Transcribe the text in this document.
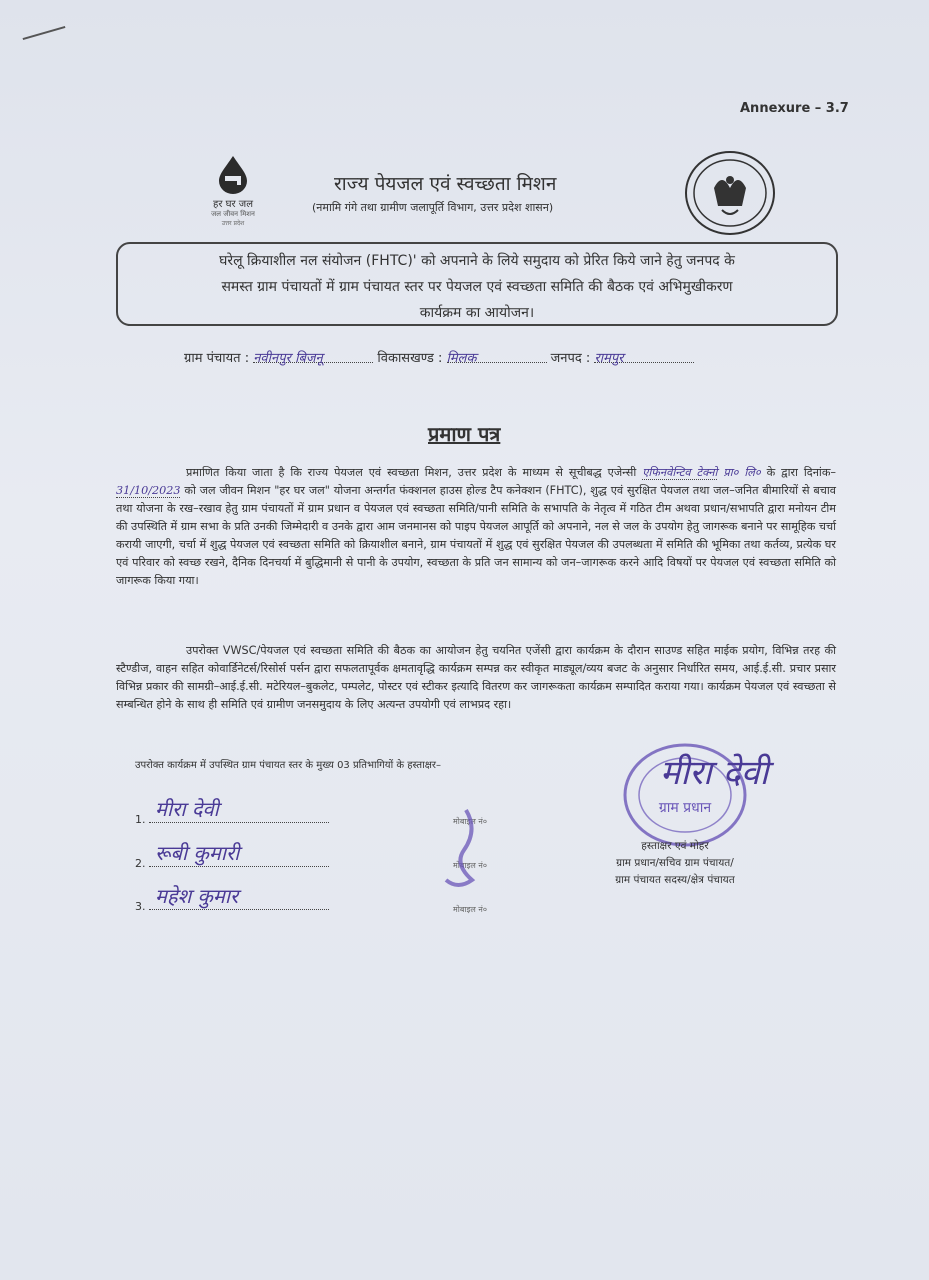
Annexure – 3.7
हर घर जल
जल जीवन मिशन
उत्तर प्रदेश
राज्य पेयजल एवं स्वच्छता मिशन
(नमामि गंगे तथा ग्रामीण जलापूर्ति विभाग, उत्तर प्रदेश शासन)
घरेलू क्रियाशील नल संयोजन (FHTC)' को अपनाने के लिये समुदाय को प्रेरित किये जाने हेतु जनपद के
समस्त ग्राम पंचायतों में ग्राम पंचायत स्तर पर पेयजल एवं स्वच्छता समिति की बैठक एवं अभिमुखीकरण
कार्यक्रम का आयोजन।
ग्राम पंचायत : नवीनपुर बिजनू	विकासखण्ड : मिलक	जनपद : रामपुर
प्रमाण पत्र
प्रमाणित किया जाता है कि राज्य पेयजल एवं स्वच्छता मिशन, उत्तर प्रदेश के माध्यम से सूचीबद्ध एजेन्सी एफिनवेन्टिव टेक्नो प्रा० लि० के द्वारा दिनांक–31/10/2023 को जल जीवन मिशन "हर घर जल" योजना अन्तर्गत फंक्शनल हाउस होल्ड टैप कनेक्शन (FHTC), शुद्ध एवं सुरक्षित पेयजल तथा जल–जनित बीमारियों से बचाव तथा योजना के रख–रखाव हेतु ग्राम पंचायतों में ग्राम प्रधान व पेयजल एवं स्वच्छता समिति/पानी समिति के सभापति के नेतृत्व में गठित टीम अथवा प्रधान/सभापति द्वारा मनोयन टीम की उपस्थिति में ग्राम सभा के प्रति उनकी जिम्मेदारी व उनके द्वारा आम जनमानस को पाइप पेयजल आपूर्ति को अपनाने, नल से जल के उपयोग हेतु जागरूक बनाने पर सामूहिक चर्चा करायी जाएगी, चर्चा में शुद्ध पेयजल एवं स्वच्छता समिति को क्रियाशील बनाने, ग्राम पंचायतों में शुद्ध एवं सुरक्षित पेयजल की उपलब्धता में समिति की भूमिका तथा कर्तव्य, प्रत्येक घर एवं परिवार को स्वच्छ रखने, दैनिक दिनचर्या में बुद्धिमानी से पानी के उपयोग, स्वच्छता के प्रति जन सामान्य को जन–जागरूक करने आदि विषयों पर पेयजल एवं स्वच्छता समिति को जागरूक किया गया।
उपरोक्त VWSC/पेयजल एवं स्वच्छता समिति की बैठक का आयोजन हेतु चयनित एजेंसी द्वारा कार्यक्रम के दौरान साउण्ड सहित माईक प्रयोग, विभिन्न तरह की स्टैण्डीज, वाहन सहित कोवार्डिनेटर्स/रिसोर्स पर्सन द्वारा सफलतापूर्वक क्षमतावृद्धि कार्यक्रम सम्पन्न कर स्वीकृत माड्यूल/व्यय बजट के अनुसार निर्धारित समय, आई.ई.सी. प्रचार प्रसार विभिन्न प्रकार की सामग्री–आई.ई.सी. मटेरियल–बुकलेट, पम्पलेट, पोस्टर एवं स्टीकर इत्यादि वितरण कर जागरूकता कार्यक्रम सम्पादित कराया गया। कार्यक्रम पेयजल एवं स्वच्छता से सम्बन्धित होने के साथ ही समिति एवं ग्रामीण जनसमुदाय के लिए अत्यन्त उपयोगी एवं लाभप्रद रहा।
उपरोक्त कार्यक्रम में उपस्थित ग्राम पंचायत स्तर के मुख्य 03 प्रतिभागियों के हस्ताक्षर–
1. मीरा देवी
2. रूबी कुमारी
3. महेश कुमार
मोबाइल नं०
मोबाइल नं०
मोबाइल नं०
ग्राम प्रधान
मीरा देवी
हस्ताक्षर एवं मोहर
ग्राम प्रधान/सचिव ग्राम पंचायत/
ग्राम पंचायत सदस्य/क्षेत्र पंचायत
